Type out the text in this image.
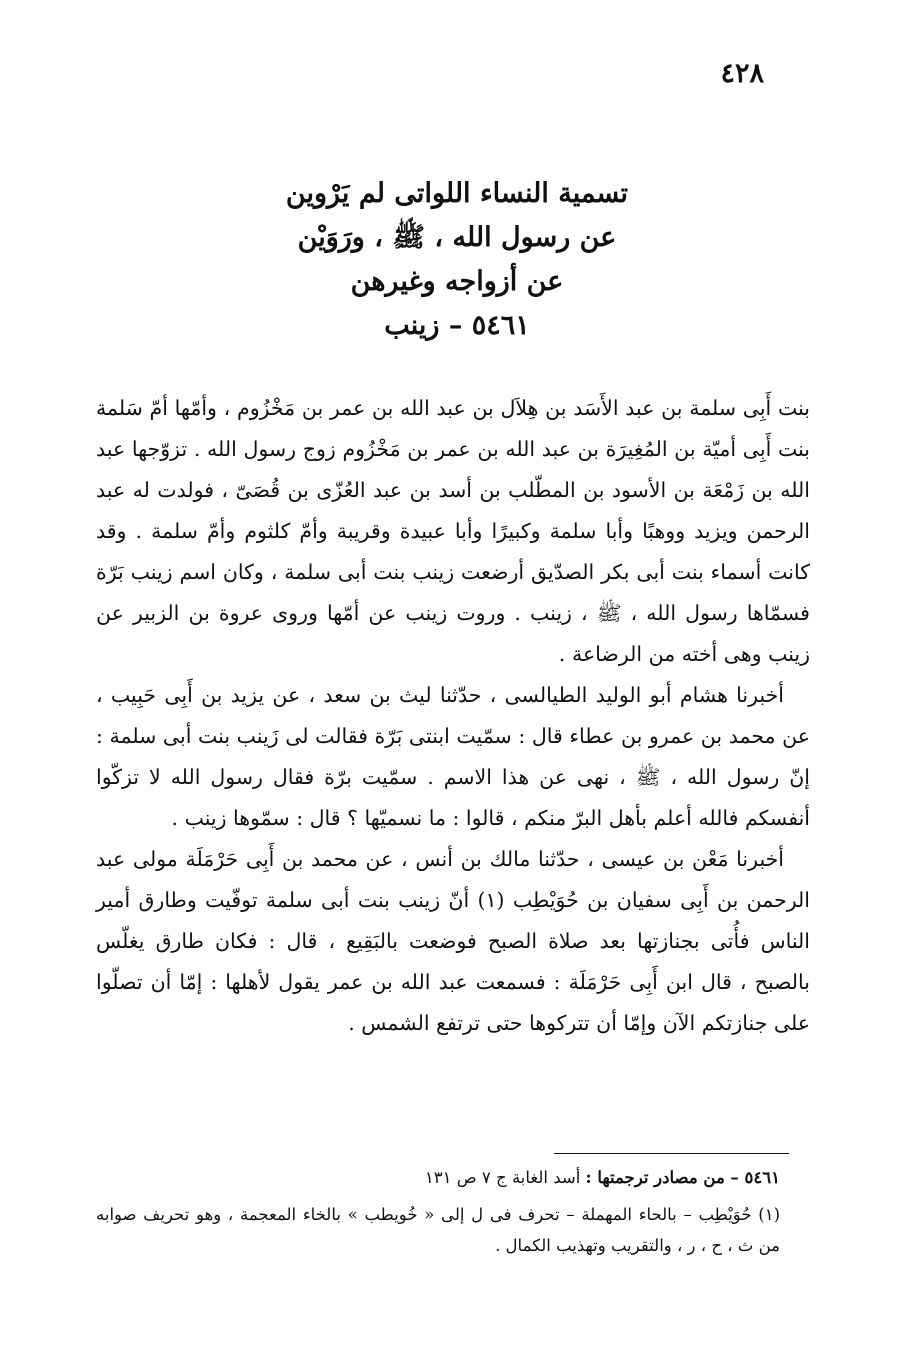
٤٢٨
تسمية النساء اللواتى لم يَرْوين
عن رسول الله ، ﷺ ، ورَوَيْن
عن أزواجه وغيرهن
٥٤٦١ – زينب

بنت أَبِى سلمة بن عبد الأَسَد بن هِلاَل بن عبد الله بن عمر بن مَخْزُوم ، وأمّها أمّ سَلمة بنت أَبِى أميّة بن المُغِيرَة بن عبد الله بن عمر بن مَخْزُوم زوج رسول الله . تزوّجها عبد الله بن زَمْعَة بن الأسود بن المطّلب بن أسد بن عبد العُزّى بن قُصَىّ ، فولدت له عبد الرحمن ويزيد ووهبًا وأبا سلمة وكبيرًا وأبا عبيدة وقريبة وأمّ كلثوم وأمّ سلمة . وقد كانت أسماء بنت أبى بكر الصدّيق أرضعت زينب بنت أبى سلمة ، وكان اسم زينب بَرّة فسمّاها رسول الله ، ﷺ ، زينب . وروت زينب عن أمّها وروى عروة بن الزبير عن زينب وهى أخته من الرضاعة .

أخبرنا هشام أبو الوليد الطيالسى ، حدّثنا ليث بن سعد ، عن يزيد بن أَبِى حَبِيب ، عن محمد بن عمرو بن عطاء قال : سمّيت ابنتى بَرّة فقالت لى زَينب بنت أبى سلمة : إنّ رسول الله ، ﷺ ، نهى عن هذا الاسم . سمّيت برّة فقال رسول الله لا تزكّوا أنفسكم فالله أعلم بأهل البرّ منكم ، قالوا : ما نسميّها ؟ قال : سمّوها زينب .

أخبرنا مَعْن بن عيسى ، حدّثنا مالك بن أنس ، عن محمد بن أَبِى حَرْمَلَة مولى عبد الرحمن بن أَبِى سفيان بن حُوَيْطِب (١) أنّ زينب بنت أبى سلمة توفّيت وطارق أمير الناس فأُتى بجنازتها بعد صلاة الصبح فوضعت بالبَقِيع ، قال : فكان طارق يغلّس بالصبح ، قال ابن أَبِى حَرْمَلَة : فسمعت عبد الله بن عمر يقول لأهلها : إمّا أن تصلّوا على جنازتكم الآن وإمّا أن تتركوها حتى ترتفع الشمس .

٥٤٦١ – من مصادر ترجمتها : أسد الغابة ج ٧ ص ١٣١

(١) حُوَيْطِب – بالحاء المهملة – تحرف فى ل إلى « خُويطب » بالخاء المعجمة ، وهو تحريف صوابه من ث ، ح ، ر ، والتقريب وتهذيب الكمال .
